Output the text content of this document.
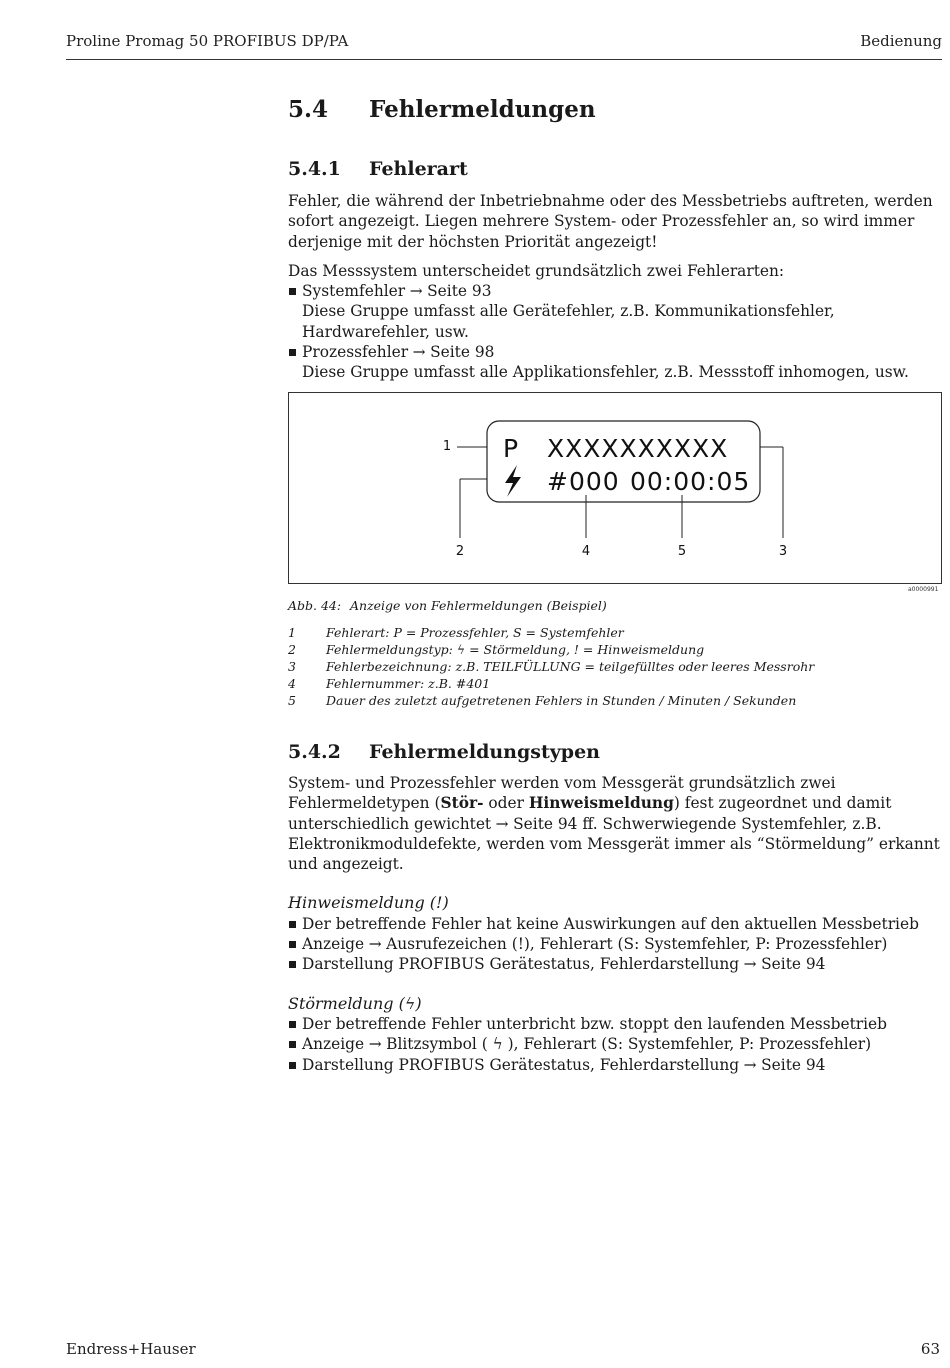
Proline Promag 50 PROFIBUS DP/PA	Bedienung
5.4 Fehlermeldungen
5.4.1 Fehlerart

Fehler, die während der Inbetriebnahme oder des Messbetriebs auftreten, werden sofort angezeigt. Liegen mehrere System- oder Prozessfehler an, so wird immer derjenige mit der höchsten Priorität angezeigt!

Das Messsystem unterscheidet grundsätzlich zwei Fehlerarten:

Systemfehler → Seite 93
Diese Gruppe umfasst alle Gerätefehler, z.B. Kommunikationsfehler, Hardwarefehler, usw.
Prozessfehler → Seite 98
Diese Gruppe umfasst alle Applikationsfehler, z.B. Messstoff inhomogen, usw.
P XXXXXXXXXX
#000 00:00:05
1
2	3
4	5
a0000991
Abb. 44: Anzeige von Fehlermeldungen (Beispiel)
1	Fehlerart: P = Prozessfehler, S = Systemfehler
2	Fehlermeldungstyp: ϟ = Störmeldung, ! = Hinweismeldung
3	Fehlerbezeichnung: z.B. TEILFÜLLUNG = teilgefülltes oder leeres Messrohr
4	Fehlernummer: z.B. #401
5	Dauer des zuletzt aufgetretenen Fehlers in Stunden / Minuten / Sekunden
5.4.2 Fehlermeldungstypen

System- und Prozessfehler werden vom Messgerät grundsätzlich zwei Fehlermeldetypen (Stör- oder Hinweismeldung) fest zugeordnet und damit unterschiedlich gewichtet → Seite 94 ff. Schwerwiegende Systemfehler, z.B. Elektronikmoduldefekte, werden vom Messgerät immer als “Störmeldung” erkannt und angezeigt.

Hinweismeldung (!)

Der betreffende Fehler hat keine Auswirkungen auf den aktuellen Messbetrieb
Anzeige → Ausrufezeichen (!), Fehlerart (S: Systemfehler, P: Prozessfehler)
Darstellung PROFIBUS Gerätestatus, Fehlerdarstellung → Seite 94

Störmeldung (ϟ)

Der betreffende Fehler unterbricht bzw. stoppt den laufenden Messbetrieb
Anzeige → Blitzsymbol ( ϟ ), Fehlerart (S: Systemfehler, P: Prozessfehler)
Darstellung PROFIBUS Gerätestatus, Fehlerdarstellung → Seite 94
Endress+Hauser	63
